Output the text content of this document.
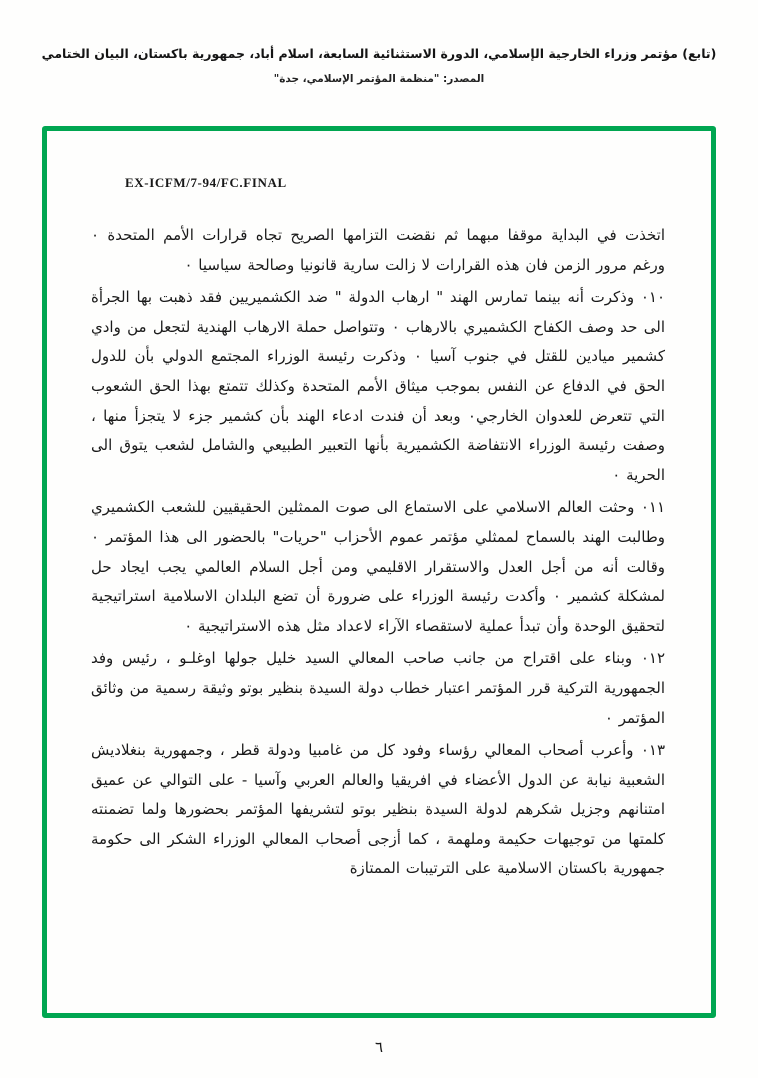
(تابع) مؤتمر وزراء الخارجية الإسلامي، الدورة الاستثنائية السابعة، اسلام أباد، جمهورية باكستان، البيان الختامي
المصدر: "منظمة المؤتمر الإسلامي، جدة"
EX-ICFM/7-94/FC.FINAL

اتخذت في البداية موقفا مبهما ثم نقضت التزامها الصريح تجاه قرارات الأمم المتحدة ٠ ورغم مرور الزمن فان هذه القرارات لا زالت سارية قانونيا وصالحة سياسيا ٠

٠١٠ وذكرت أنه بينما تمارس الهند " ارهاب الدولة " ضد الكشميريين فقد ذهبت بها الجرأة الى حد وصف الكفاح الكشميري بالارهاب ٠ وتتواصل حملة الارهاب الهندية لتجعل من وادي كشمير ميادين للقتل في جنوب آسيا ٠ وذكرت رئيسة الوزراء المجتمع الدولي بأن للدول الحق في الدفاع عن النفس بموجب ميثاق الأمم المتحدة وكذلك تتمتع بهذا الحق الشعوب التي تتعرض للعدوان الخارجي٠ وبعد أن فندت ادعاء الهند بأن كشمير جزء لا يتجزأ منها ، وصفت رئيسة الوزراء الانتفاضة الكشميرية بأنها التعبير الطبيعي والشامل لشعب يتوق الى الحرية ٠

٠١١ وحثت العالم الاسلامي على الاستماع الى صوت الممثلين الحقيقيين للشعب الكشميري وطالبت الهند بالسماح لممثلي مؤتمر عموم الأحزاب "حريات" بالحضور الى هذا المؤتمر ٠ وقالت أنه من أجل العدل والاستقرار الاقليمي ومن أجل السلام العالمي يجب ايجاد حل لمشكلة كشمير ٠ وأكدت رئيسة الوزراء على ضرورة أن تضع البلدان الاسلامية استراتيجية لتحقيق الوحدة وأن تبدأ عملية لاستقصاء الآراء لاعداد مثل هذه الاستراتيجية ٠

٠١٢ وبناء على اقتراح من جانب صاحب المعالي السيد خليل جولها اوغلـو ، رئيس وفد الجمهورية التركية قرر المؤتمر اعتبار خطاب دولة السيدة بنظير بوتو وثيقة رسمية من وثائق المؤتمر ٠

٠١٣ وأعرب أصحاب المعالي رؤساء وفود كل من غامبيا ودولة قطر ، وجمهورية بنغلاديش الشعبية نيابة عن الدول الأعضاء في افريقيا والعالم العربي وآسيا - على التوالي عن عميق امتنانهم وجزيل شكرهم لدولة السيدة بنظير بوتو لتشريفها المؤتمر بحضورها ولما تضمنته كلمتها من توجيهات حكيمة وملهمة ، كما أزجى أصحاب المعالي الوزراء الشكر الى حكومة جمهورية باكستان الاسلامية على الترتيبات الممتازة

٦
